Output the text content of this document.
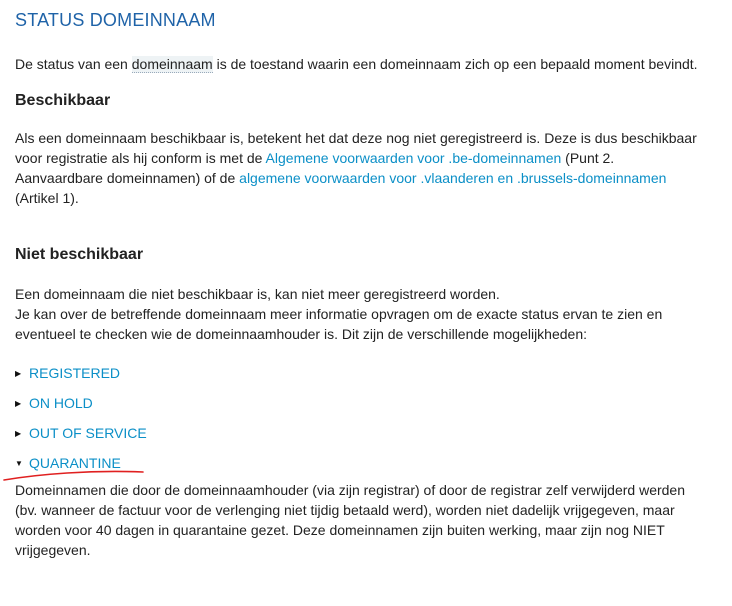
STATUS DOMEINNAAM

De status van een domeinnaam is de toestand waarin een domeinnaam zich op een bepaald moment bevindt.

Beschikbaar

Als een domeinnaam beschikbaar is, betekent het dat deze nog niet geregistreerd is. Deze is dus beschikbaar
voor registratie als hij conform is met de Algemene voorwaarden voor .be-domeinnamen (Punt 2.
Aanvaardbare domeinnamen) of de algemene voorwaarden voor .vlaanderen en .brussels-domeinnamen
(Artikel 1).

Niet beschikbaar

Een domeinnaam die niet beschikbaar is, kan niet meer geregistreerd worden.
Je kan over de betreffende domeinnaam meer informatie opvragen om de exacte status ervan te zien en
eventueel te checken wie de domeinnaamhouder is. Dit zijn de verschillende mogelijkheden:

▶ REGISTERED
▶ ON HOLD
▶ OUT OF SERVICE
▼ QUARANTINE

Domeinnamen die door de domeinnaamhouder (via zijn registrar) of door de registrar zelf verwijderd werden
(bv. wanneer de factuur voor de verlenging niet tijdig betaald werd), worden niet dadelijk vrijgegeven, maar
worden voor 40 dagen in quarantaine gezet. Deze domeinnamen zijn buiten werking, maar zijn nog NIET
vrijgegeven.
